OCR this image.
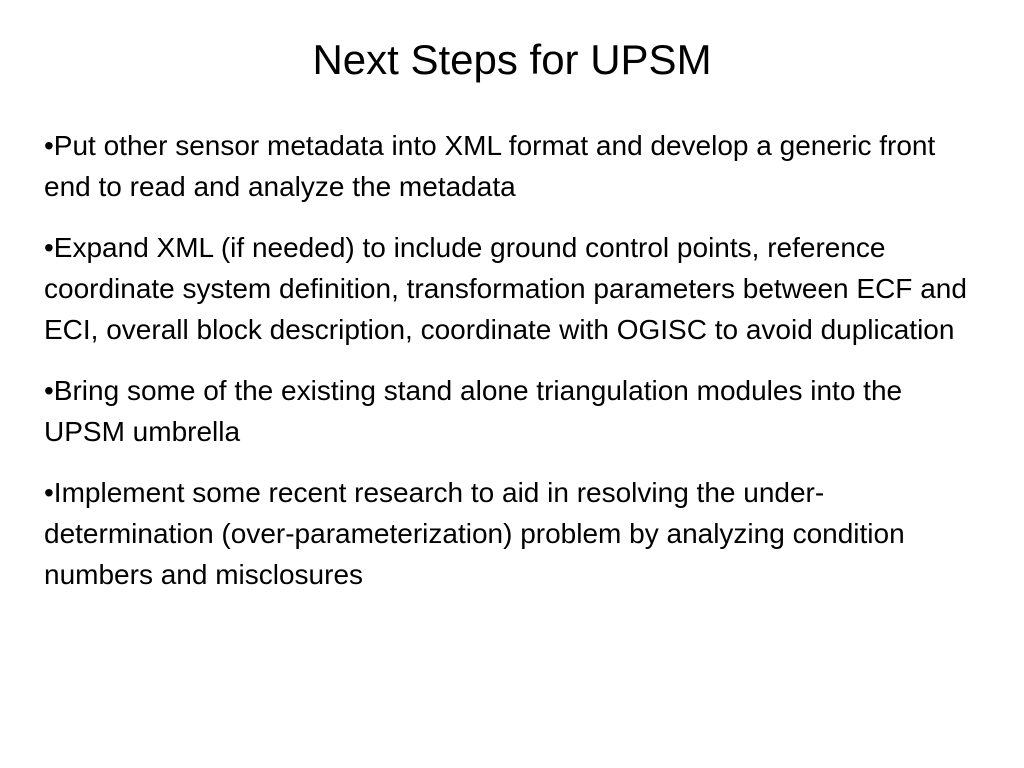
Next Steps for UPSM
•Put other sensor metadata into XML format and develop a generic front end to read and analyze the metadata
•Expand XML (if needed) to include ground control points, reference coordinate system definition, transformation parameters between ECF and ECI, overall block description, coordinate with OGISC to avoid duplication
•Bring some of the existing stand alone triangulation modules into the UPSM umbrella
•Implement some recent research to aid in resolving the under-determination (over-parameterization) problem by analyzing condition numbers and misclosures
